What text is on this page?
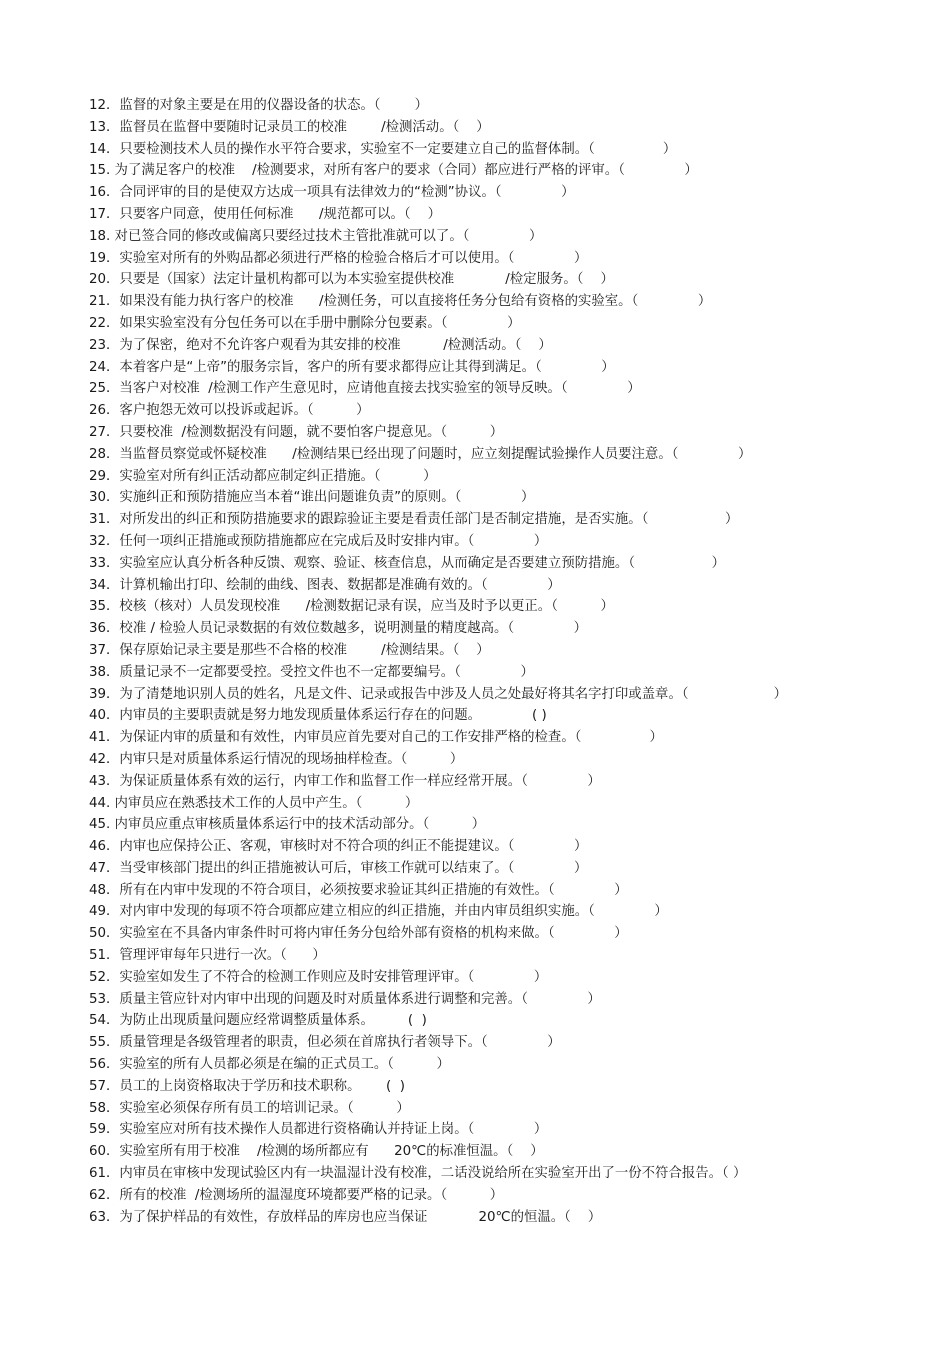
12．监督的对象主要是在用的仪器设备的状态。（        ）
13．监督员在监督中要随时记录员工的校准        /检测活动。（    ）
14．只要检测技术人员的操作水平符合要求，实验室不一定要建立自己的监督体制。（                ）
15. 为了满足客户的校准    /检测要求，对所有客户的要求（合同）都应进行严格的评审。（              ）
16．合同评审的目的是使双方达成一项具有法律效力的“检测”协议。（              ）
17．只要客户同意，使用任何标准      /规范都可以。（    ）
18. 对已签合同的修改或偏离只要经过技术主管批准就可以了。（              ）
19．实验室对所有的外购品都必须进行严格的检验合格后才可以使用。（              ）
20．只要是（国家）法定计量机构都可以为本实验室提供校准            /检定服务。（    ）
21．如果没有能力执行客户的校准      /检测任务，可以直接将任务分包给有资格的实验室。（              ）
22．如果实验室没有分包任务可以在手册中删除分包要素。（              ）
23．为了保密，绝对不允许客户观看为其安排的校准          /检测活动。（    ）
24．本着客户是“上帝”的服务宗旨，客户的所有要求都得应让其得到满足。（              ）
25．当客户对校准  /检测工作产生意见时，应请他直接去找实验室的领导反映。（              ）
26．客户抱怨无效可以投诉或起诉。（          ）
27．只要校准  /检测数据没有问题，就不要怕客户提意见。（          ）
28．当监督员察觉或怀疑校准      /检测结果已经出现了问题时，应立刻提醒试验操作人员要注意。（              ）
29．实验室对所有纠正活动都应制定纠正措施。（          ）
30．实施纠正和预防措施应当本着“谁出问题谁负责”的原则。（              ）
31．对所发出的纠正和预防措施要求的跟踪验证主要是看责任部门是否制定措施，是否实施。（                  ）
32．任何一项纠正措施或预防措施都应在完成后及时安排内审。（              ）
33．实验室应认真分析各种反馈、观察、验证、核查信息，从而确定是否要建立预防措施。（                  ）
34．计算机输出打印、绘制的曲线、图表、数据都是准确有效的。（              ）
35．校核（核对）人员发现校准      /检测数据记录有误，应当及时予以更正。（          ）
36．校准 / 检验人员记录数据的有效位数越多，说明测量的精度越高。（              ）
37．保存原始记录主要是那些不合格的校准        /检测结果。（    ）
38．质量记录不一定都要受控。受控文件也不一定都要编号。（              ）
39．为了清楚地识别人员的姓名，凡是文件、记录或报告中涉及人员之处最好将其名字打印或盖章。（                    ）
40．内审员的主要职责就是努力地发现质量体系运行存在的问题。            ( )
41．为保证内审的质量和有效性，内审员应首先要对自己的工作安排严格的检查。（                ）
42．内审只是对质量体系运行情况的现场抽样检查。（          ）
43．为保证质量体系有效的运行，内审工作和监督工作一样应经常开展。（              ）
44. 内审员应在熟悉技术工作的人员中产生。（          ）
45. 内审员应重点审核质量体系运行中的技术活动部分。（          ）
46．内审也应保持公正、客观，审核时对不符合项的纠正不能提建议。（              ）
47．当受审核部门提出的纠正措施被认可后，审核工作就可以结束了。（              ）
48．所有在内审中发现的不符合项目，必须按要求验证其纠正措施的有效性。（              ）
49．对内审中发现的每项不符合项都应建立相应的纠正措施，并由内审员组织实施。（              ）
50．实验室在不具备内审条件时可将内审任务分包给外部有资格的机构来做。（              ）
51．管理评审每年只进行一次。（      ）
52．实验室如发生了不符合的检测工作则应及时安排管理评审。（              ）
53．质量主管应针对内审中出现的问题及时对质量体系进行调整和完善。（              ）
54．为防止出现质量问题应经常调整质量体系。        (  )
55．质量管理是各级管理者的职责，但必须在首席执行者领导下。（              ）
56．实验室的所有人员都必须是在编的正式员工。（          ）
57．员工的上岗资格取决于学历和技术职称。      (  )
58．实验室必须保存所有员工的培训记录。（          ）
59．实验室应对所有技术操作人员都进行资格确认并持证上岗。（              ）
60．实验室所有用于校准    /检测的场所都应有      20℃的标准恒温。（    ）
61．内审员在审核中发现试验区内有一块温湿计没有校准，二话没说给所在实验室开出了一份不符合报告。（ ）
62．所有的校准  /检测场所的温湿度环境都要严格的记录。（          ）
63．为了保护样品的有效性，存放样品的库房也应当保证            20℃的恒温。（    ）
